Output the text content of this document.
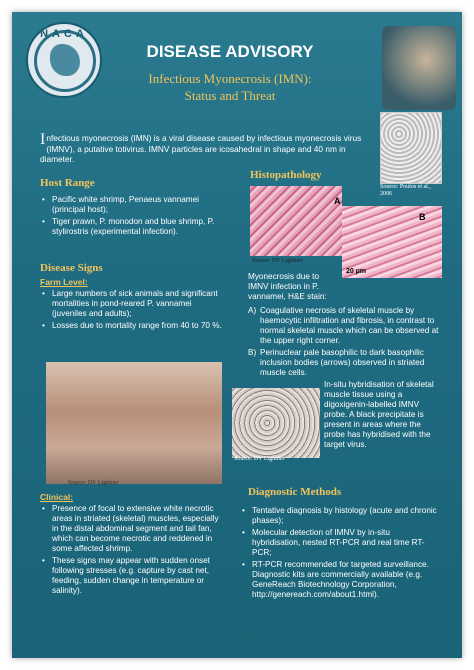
NACA
DISEASE ADVISORY
Infectious Myonecrosis (IMN):
Status and Threat
Infectious myonecrosis (IMN) is a viral disease caused by infectious myonecrosis virus (IMNV), a putative totivirus. IMNV particles are icosahedral in shape and 40 nm in diameter.
Source: Poulos et al., 2006
Host Range
• Pacific white shrimp, Penaeus vannamei (principal host);
• Tiger prawn, P. monodon and blue shrimp, P. stylirostris (experimental infection).
Disease Signs
Farm Level:
• Large numbers of sick animals and significant mortalities in pond-reared P. vannamei (juveniles and adults);
• Losses due to mortality range from 40 to 70 %.
Source: DV Lightner
Clinical:
• Presence of focal to extensive white necrotic areas in striated (skeletal) muscles, especially in the distal abdominal segment and tail fan, which can become necrotic and reddened in some affected shrimp.
• These signs may appear with sudden onset following stresses (e.g. capture by cast net, feeding, sudden change in temperature or salinity).
Histopathology
A
B
20 µm
Source: DV Lightner
Myonecrosis due to IMNV infection in P. vannamei, H&E stain:
A) Coagulative necrosis of skeletal muscle by haemocytic infiltration and fibrosis, in contrast to normal skeletal muscle which can be observed at the upper right corner.
B) Perinuclear pale basophilic to dark basophilic inclusion bodies (arrows) observed in striated muscle cells.
Source: DV Lightner
In-situ hybridisation of skeletal muscle tissue using a digoxigenin-labelled IMNV probe. A black precipitate is present in areas where the probe has hybridised with the target virus.
Diagnostic Methods
• Tentative diagnosis by histology (acute and chronic phases);
• Molecular detection of IMNV by in-situ hybridisation, nested RT-PCR and real time RT-PCR;
• RT-PCR recommended for targeted surveillance. Diagnostic kits are commercially available (e.g. GeneReach Biotechnology Corporation, http://genereach.com/about1.html).
